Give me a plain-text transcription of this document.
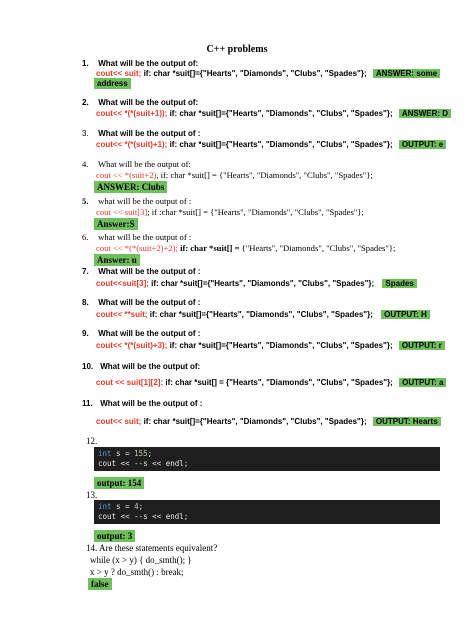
C++ problems
1. What will be the output of:
cout<< suit; if: char *suit[]={"Hearts", "Diamonds", "Clubs", "Spades"}; ANSWER: some
address
2. What will be the output of:
cout<< *(*(suit+1)); if: char *suit[]={"Hearts", "Diamonds", "Clubs", "Spades"}; ANSWER: D
3. What will be the output of :
cout<< *(*(suit)+1); if: char *suit[]={"Hearts", "Diamonds", "Clubs", "Spades"}; OUTPUT: e
4. What will be the output of:
cout << *(suit+2), if: char *suit[] = {"Hearts", "Diamonds", "Clubs", "Spades"};
ANSWER: Clubs
5. what will be the output of :
cout << suit[3]; if :char *suit[] = {"Hearts", "Diamonds", "Clubs", "Spades"};
Answer:S
6. what will be the output of :
cout << *(*(suit+2)+2); if: char *suit[] = {"Hearts", "Diamonds", "Clubs", "Spades"};
Answer: u
7. What will be the output of :
cout<<suit[3]; if: char *suit[]={"Hearts", "Diamonds", "Clubs", "Spades"}; Spades
8. What will be the output of :
cout<< **suit; if: char *suit[]={"Hearts", "Diamonds", "Clubs", "Spades"}; OUTPUT: H
9. What will be the output of :
cout<< *(*(suit)+3); if: char *suit[]={"Hearts", "Diamonds", "Clubs", "Spades"}; OUTPUT: r
10. What will be the output of:
cout << suit[1][2]; if: char *suit[] = {"Hearts", "Diamonds", "Clubs", "Spades"}; OUTPUT: a
11. What will be the output of :
cout<< suit; if: char *suit[]={"Hearts", "Diamonds", "Clubs", "Spades"}; OUTPUT: Hearts
12.
int s = 155;
cout << --s << endl;
output: 154
13.
int s = 4;
cout << --s << endl;
output: 3
14. Are these statements equivalent?
while (x > y) { do_smth(); }
x > y ? do_smth() : break;
false
